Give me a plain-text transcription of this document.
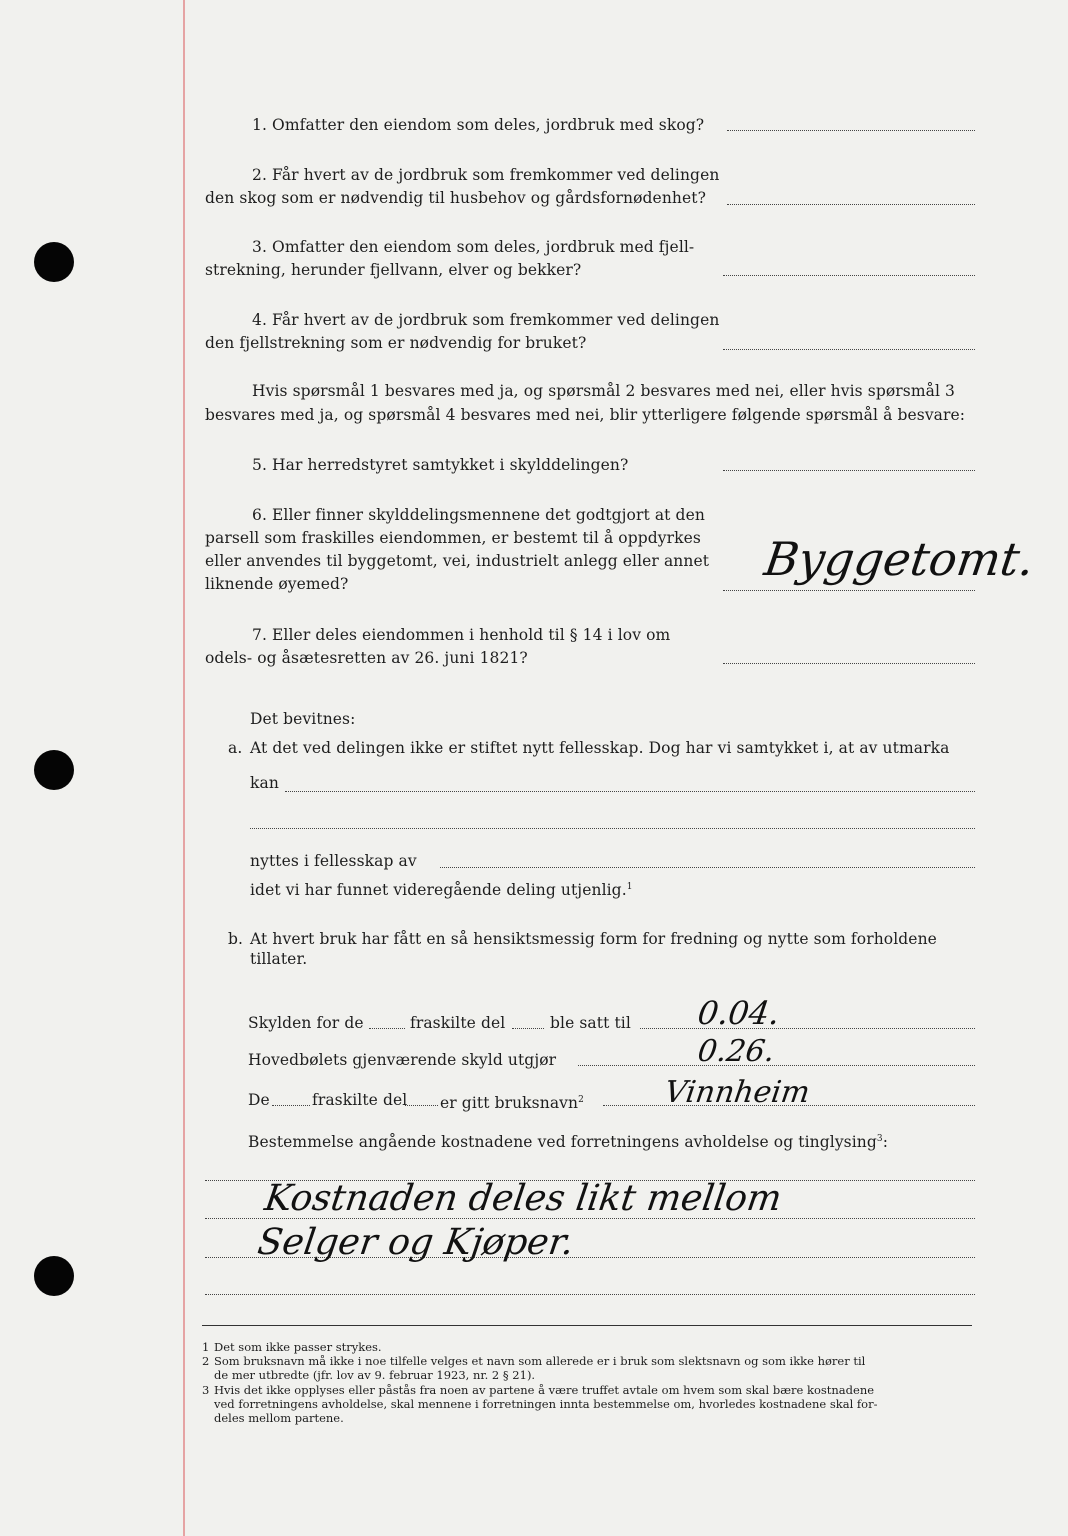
1. Omfatter den eiendom som deles, jordbruk med skog?
2. Får hvert av de jordbruk som fremkommer ved delingen
den skog som er nødvendig til husbehov og gårdsfornødenhet?
3. Omfatter den eiendom som deles, jordbruk med fjell-
strekning, herunder fjellvann, elver og bekker?
4. Får hvert av de jordbruk som fremkommer ved delingen
den fjellstrekning som er nødvendig for bruket?
Hvis spørsmål 1 besvares med ja, og spørsmål 2 besvares med nei, eller hvis spørsmål 3
besvares med ja, og spørsmål 4 besvares med nei, blir ytterligere følgende spørsmål å besvare:
5. Har herredstyret samtykket i skylddelingen?
6. Eller finner skylddelingsmennene det godtgjort at den
parsell som fraskilles eiendommen, er bestemt til å oppdyrkes
eller anvendes til byggetomt, vei, industrielt anlegg eller annet
liknende øyemed?	Byggetomt.
7. Eller deles eiendommen i henhold til § 14 i lov om
odels- og åsætesretten av 26. juni 1821?
Det bevitnes:
a. At det ved delingen ikke er stiftet nytt fellesskap. Dog har vi samtykket i, at av utmarka
kan
nyttes i fellesskap av
idet vi har funnet videregående deling utjenlig.$^1$
b. At hvert bruk har fått en så hensiktsmessig form for fredning og nytte som forholdene
tillater.
Skylden for de	fraskilte del	ble satt til 0.04.
Hovedbølets gjenværende skyld utgjør	0.26.
De	fraskilte del er gitt bruksnavn$^2$	Vinnheim
Bestemmelse angående kostnadene ved forretningens avholdelse og tinglysing$^3$:
Kostnaden deles likt mellom
Selger og Kjøper.
1 Det som ikke passer strykes.
2 Som bruksnavn må ikke i noe tilfelle velges et navn som allerede er i bruk som slektsnavn og som ikke hører til
de mer utbredte (jfr. lov av 9. februar 1923, nr. 2 § 21).
3 Hvis det ikke opplyses eller påstås fra noen av partene å være truffet avtale om hvem som skal bære kostnadene
ved forretningens avholdelse, skal mennene i forretningen innta bestemmelse om, hvorledes kostnadene skal for-
deles mellom partene.
